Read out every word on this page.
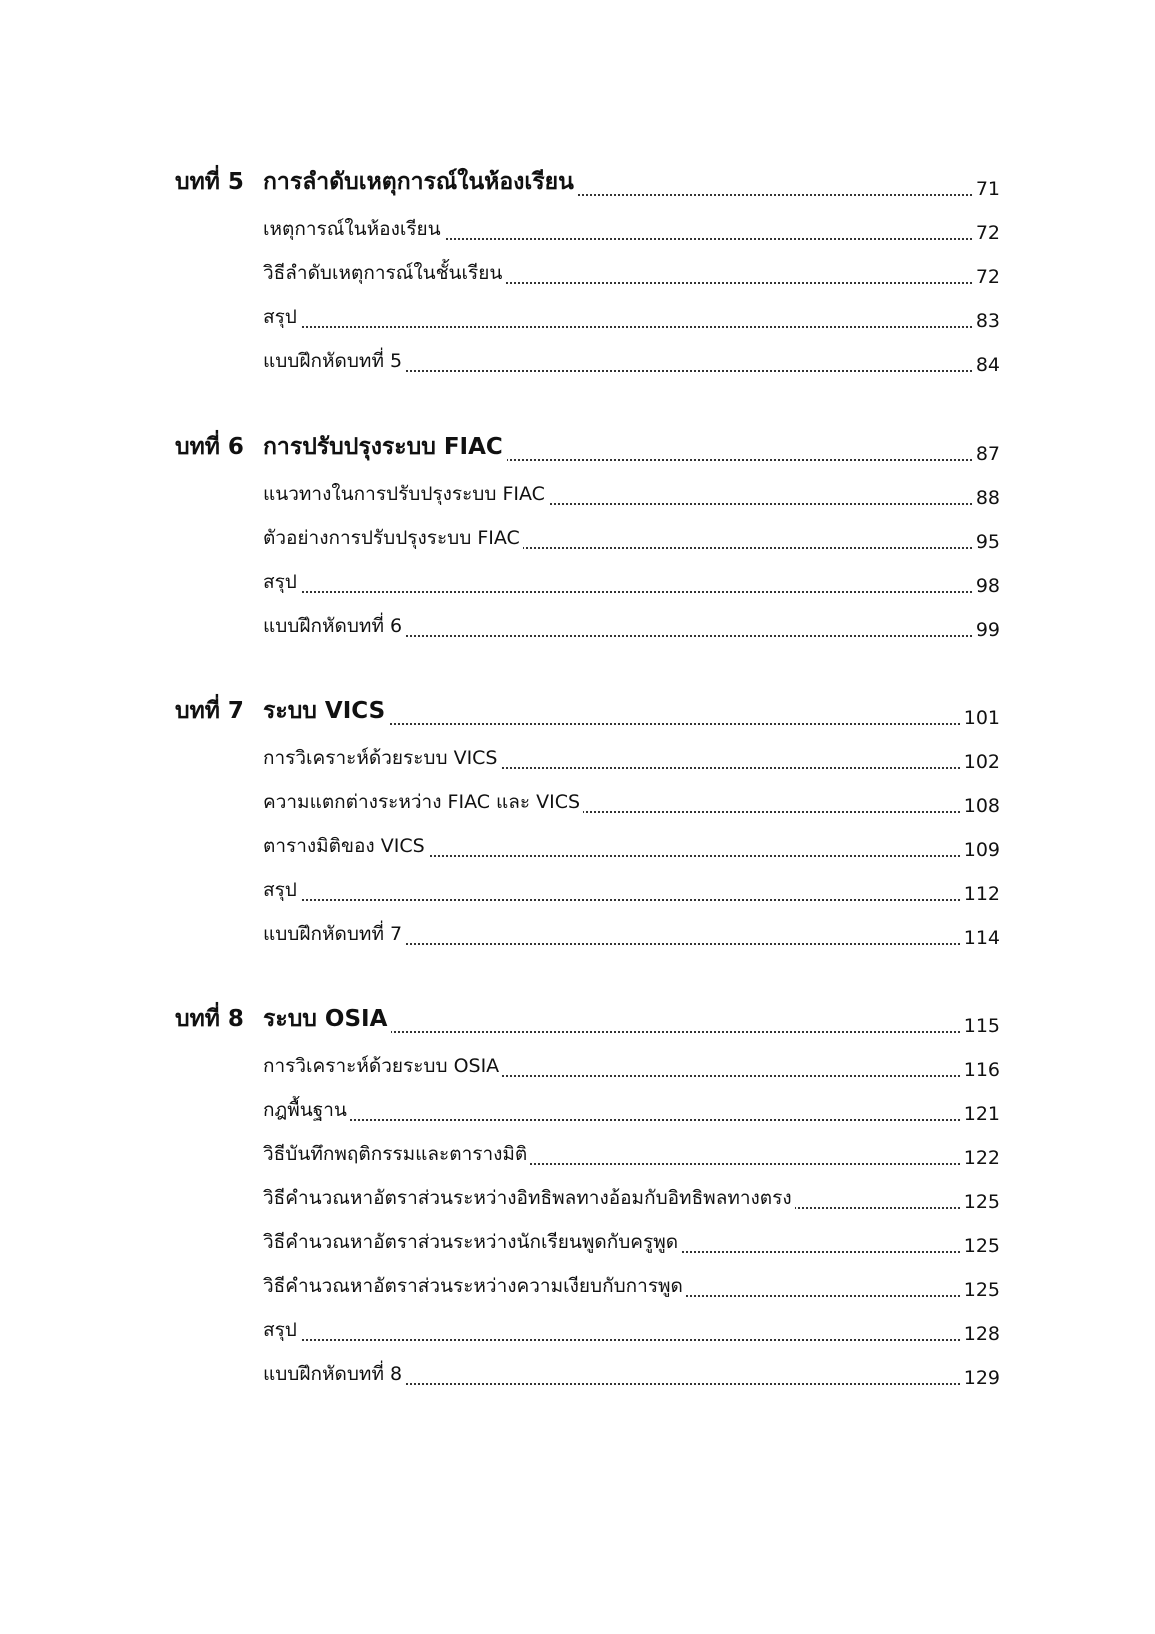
บทที่ 5 การลำดับเหตุการณ์ในห้องเรียน	71
เหตุการณ์ในห้องเรียน	72
วิธีลำดับเหตุการณ์ในชั้นเรียน	72
สรุป	83
แบบฝึกหัดบทที่ 5	84
บทที่ 6 การปรับปรุงระบบ FIAC	87
แนวทางในการปรับปรุงระบบ FIAC	88
ตัวอย่างการปรับปรุงระบบ FIAC	95
สรุป	98
แบบฝึกหัดบทที่ 6	99
บทที่ 7 ระบบ VICS	101
การวิเคราะห์ด้วยระบบ VICS	102
ความแตกต่างระหว่าง FIAC และ VICS	108
ตารางมิติของ VICS	109
สรุป	112
แบบฝึกหัดบทที่ 7	114
บทที่ 8 ระบบ OSIA	115
การวิเคราะห์ด้วยระบบ OSIA	116
กฎพื้นฐาน	121
วิธีบันทึกพฤติกรรมและตารางมิติ	122
วิธีคำนวณหาอัตราส่วนระหว่างอิทธิพลทางอ้อมกับอิทธิพลทางตรง	125
วิธีคำนวณหาอัตราส่วนระหว่างนักเรียนพูดกับครูพูด	125
วิธีคำนวณหาอัตราส่วนระหว่างความเงียบกับการพูด	125
สรุป	128
แบบฝึกหัดบทที่ 8	129
